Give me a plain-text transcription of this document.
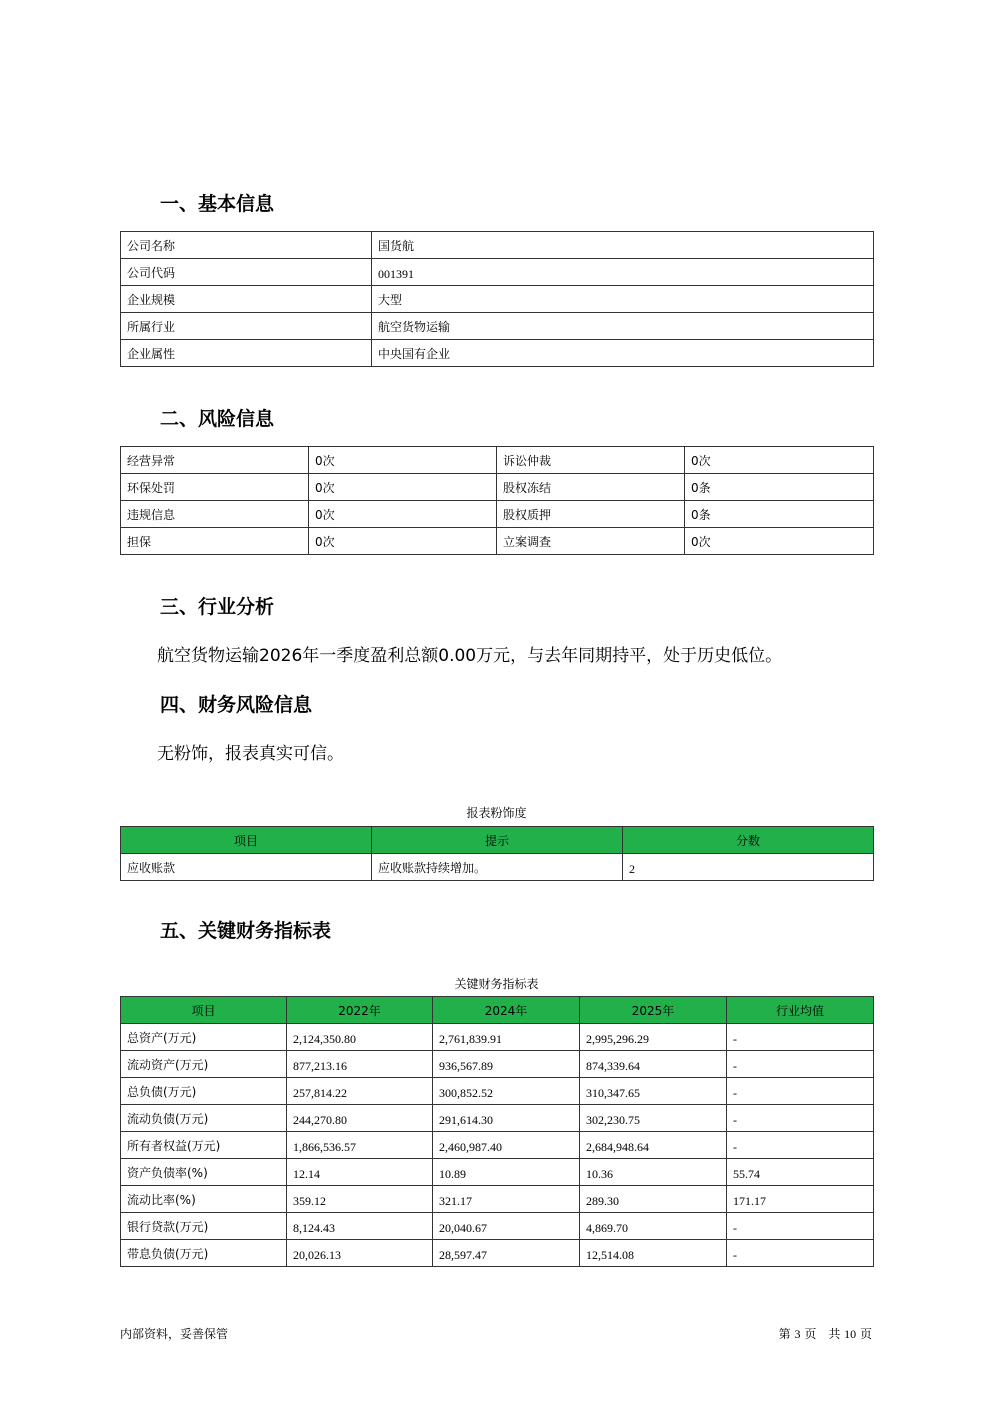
一、基本信息
公司名称	国货航
公司代码	001391
企业规模	大型
所属行业	航空货物运输
企业属性	中央国有企业
二、风险信息
经营异常	0次	诉讼仲裁	0次
环保处罚	0次	股权冻结	0条
违规信息	0次	股权质押	0条
担保	0次	立案调查	0次
三、行业分析

航空货物运输2026年一季度盈利总额0.00万元，与去年同期持平，处于历史低位。

四、财务风险信息

无粉饰，报表真实可信。

报表粉饰度

项目	提示	分数
应收账款	应收账款持续增加。	2
五、关键财务指标表

关键财务指标表

项目	2022年	2024年	2025年	行业均值
总资产(万元)	2,124,350.80	2,761,839.91	2,995,296.29	-
流动资产(万元)	877,213.16	936,567.89	874,339.64	-
总负债(万元)	257,814.22	300,852.52	310,347.65	-
流动负债(万元)	244,270.80	291,614.30	302,230.75	-
所有者权益(万元)	1,866,536.57	2,460,987.40	2,684,948.64	-
资产负债率(%)	12.14	10.89	10.36	55.74
流动比率(%)	359.12	321.17	289.30	171.17
银行贷款(万元)	8,124.43	20,040.67	4,869.70	-
带息负债(万元)	20,026.13	28,597.47	12,514.08	-
内部资料，妥善保管	第 3 页　共 10 页
